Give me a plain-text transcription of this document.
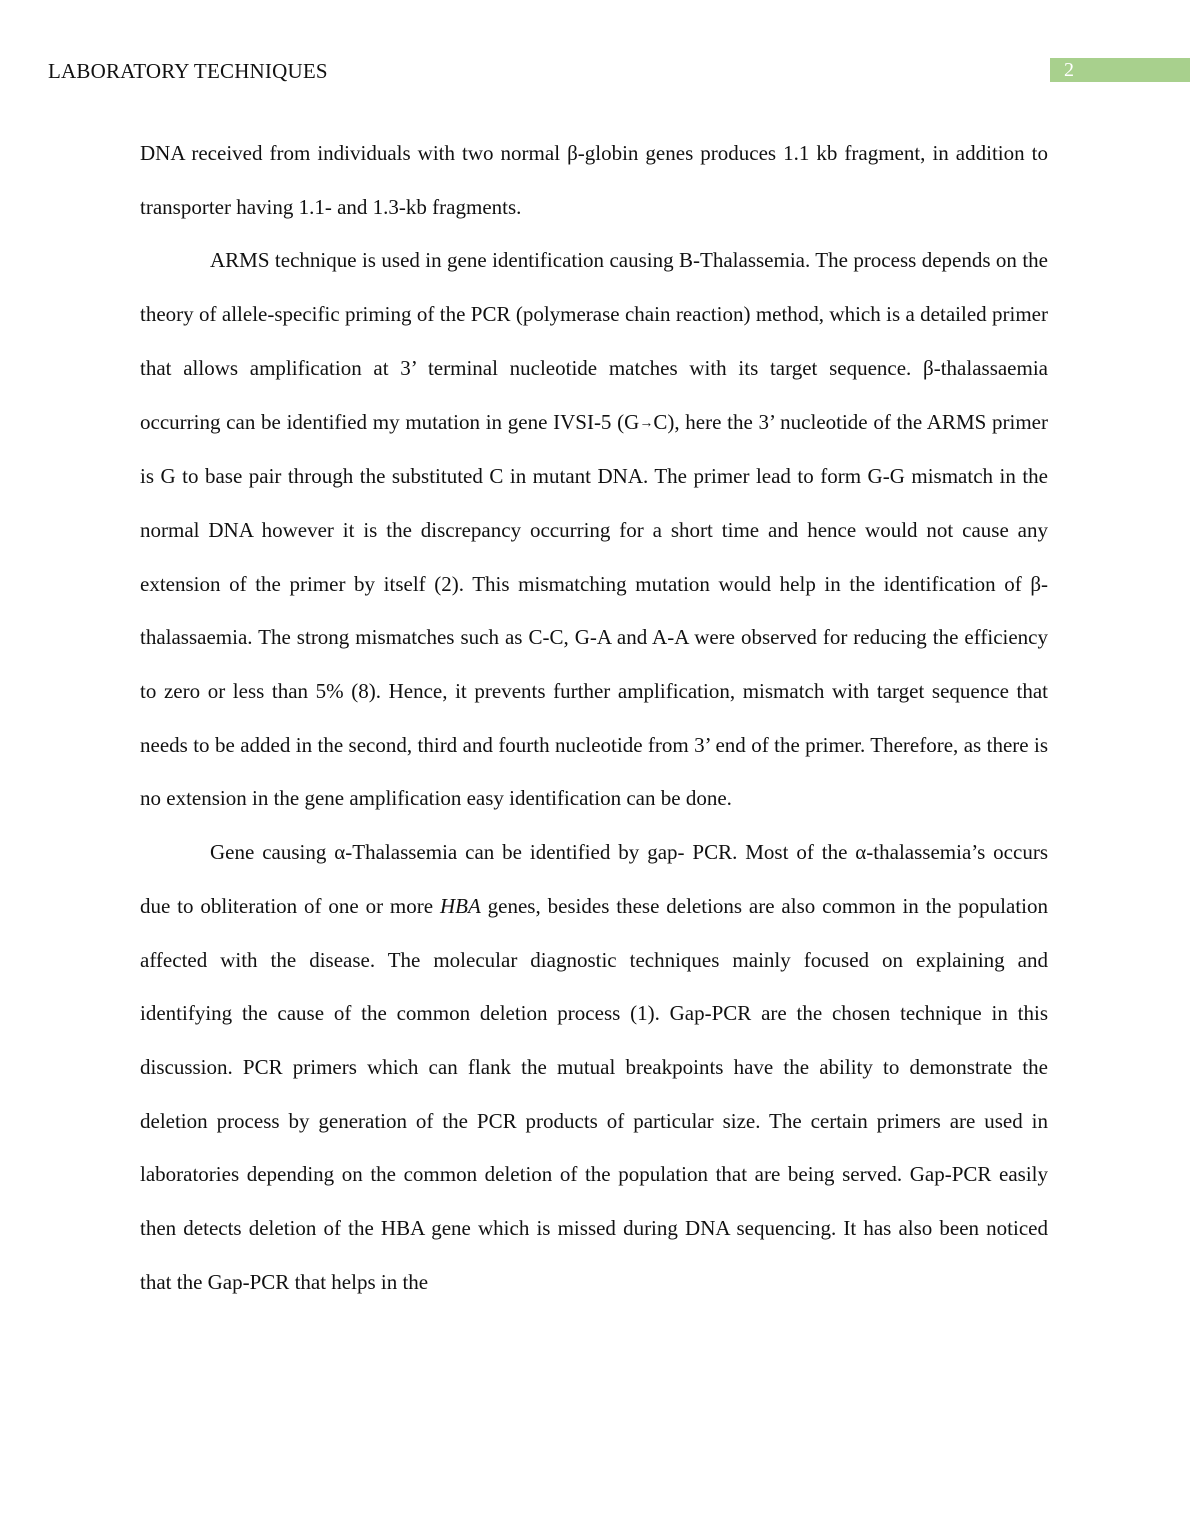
LABORATORY TECHNIQUES	2

DNA received from individuals with two normal β-globin genes produces 1.1 kb fragment, in addition to transporter having 1.1- and 1.3-kb fragments.

ARMS technique is used in gene identification causing B-Thalassemia. The process depends on the theory of allele-specific priming of the PCR (polymerase chain reaction) method, which is a detailed primer that allows amplification at 3’ terminal nucleotide matches with its target sequence. β-thalassaemia occurring can be identified my mutation in gene IVSI-5 (G→C), here the 3’ nucleotide of the ARMS primer is G to base pair through the substituted C in mutant DNA. The primer lead to form G-G mismatch in the normal DNA however it is the discrepancy occurring for a short time and hence would not cause any extension of the primer by itself (2). This mismatching mutation would help in the identification of β-thalassaemia. The strong mismatches such as C-C, G-A and A-A were observed for reducing the efficiency to zero or less than 5% (8). Hence, it prevents further amplification, mismatch with target sequence that needs to be added in the second, third and fourth nucleotide from 3’ end of the primer. Therefore, as there is no extension in the gene amplification easy identification can be done.

Gene causing α-Thalassemia can be identified by gap- PCR. Most of the α-thalassemia’s occurs due to obliteration of one or more HBA genes, besides these deletions are also common in the population affected with the disease. The molecular diagnostic techniques mainly focused on explaining and identifying the cause of the common deletion process (1). Gap-PCR are the chosen technique in this discussion. PCR primers which can flank the mutual breakpoints have the ability to demonstrate the deletion process by generation of the PCR products of particular size. The certain primers are used in laboratories depending on the common deletion of the population that are being served. Gap-PCR easily then detects deletion of the HBA gene which is missed during DNA sequencing. It has also been noticed that the Gap-PCR that helps in the
